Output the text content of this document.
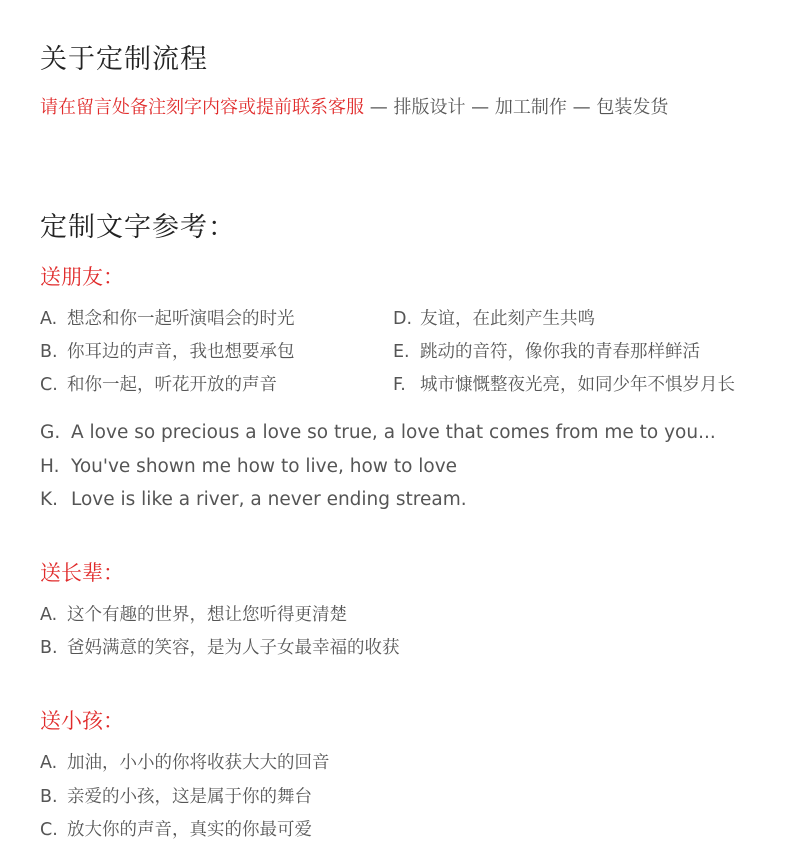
关于定制流程
请在留言处备注刻字内容或提前联系客服 — 排版设计 — 加工制作 — 包装发货
定制文字参考：
送朋友：
A. 想念和你一起听演唱会的时光
B. 你耳边的声音，我也想要承包
C. 和你一起，听花开放的声音
D. 友谊，在此刻产生共鸣
E. 跳动的音符，像你我的青春那样鲜活
F. 城市慷慨整夜光亮，如同少年不惧岁月长
G. A love so precious a love so true, a love that comes from me to you...
H. You've shown me how to live, how to love
K. Love is like a river, a never ending stream.
送长辈：
A. 这个有趣的世界，想让您听得更清楚
B. 爸妈满意的笑容，是为人子女最幸福的收获
送小孩：
A. 加油，小小的你将收获大大的回音
B. 亲爱的小孩，这是属于你的舞台
C. 放大你的声音，真实的你最可爱
